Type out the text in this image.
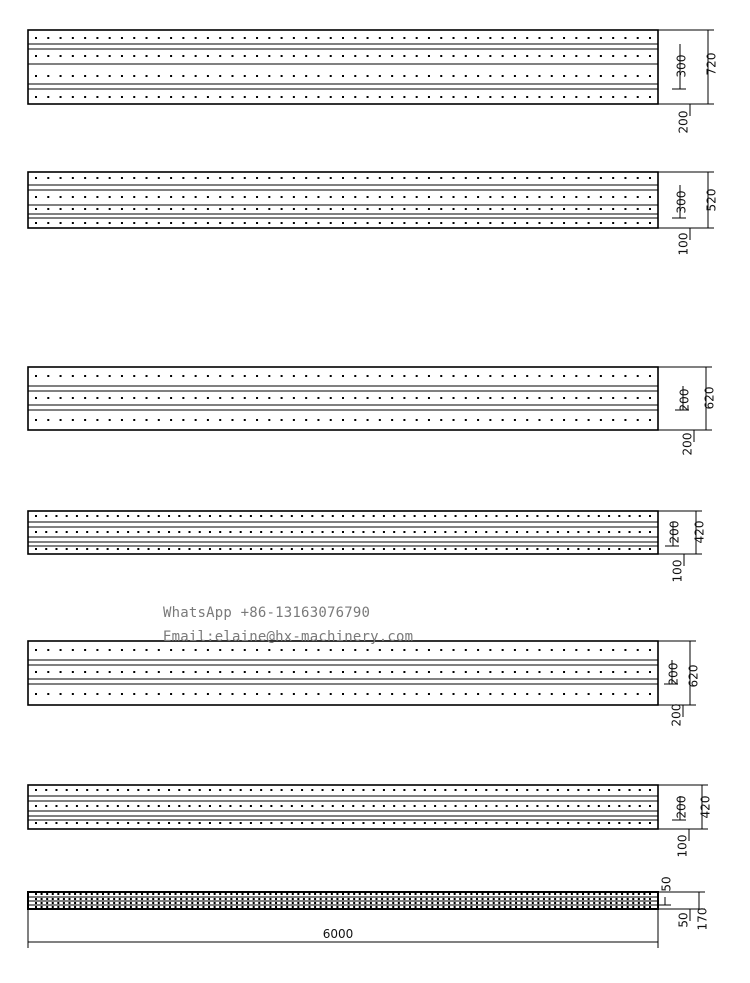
300 720
200
300 520
100
200 620
200
200 420
100
200 620
200
200 420
100
50
170
50
6000
WhatsApp +86-13163076790
Email:elaine@hx-machinery.com
